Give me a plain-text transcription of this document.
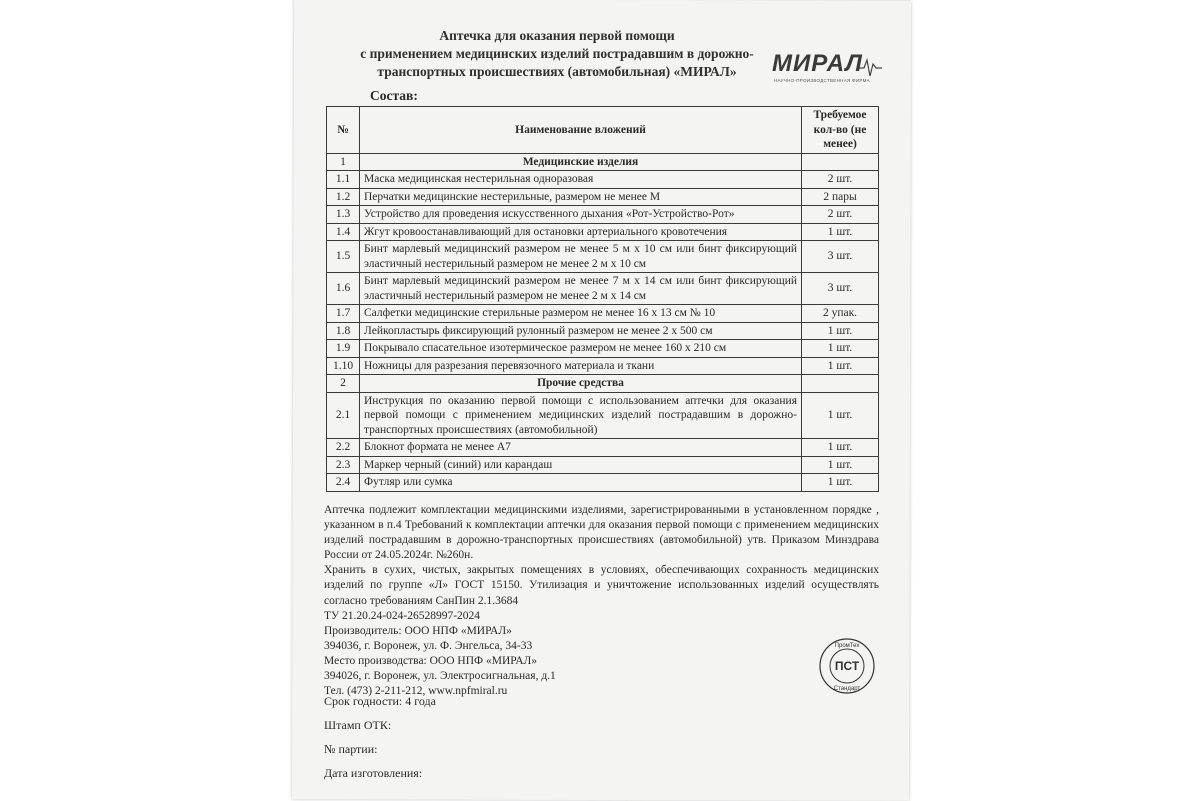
Аптечка для оказания первой помощи
с применением медицинских изделий пострадавшим в дорожно-
транспортных происшествиях (автомобильная) «МИРАЛ»	МИРАЛ
НАУЧНО-ПРОИЗВОДСТВЕННАЯ ФИРМА
Состав:
№	Наименование вложений	Требуемое кол-во (не менее)
1	Медицинские изделия	
1.1	Маска медицинская нестерильная одноразовая	2 шт.
1.2	Перчатки медицинские нестерильные, размером не менее М	2 пары
1.3	Устройство для проведения искусственного дыхания «Рот-Устройство-Рот»	2 шт.
1.4	Жгут кровоостанавливающий для остановки артериального кровотечения	1 шт.
1.5	Бинт марлевый медицинский размером не менее 5 м х 10 см или бинт фиксирующий эластичный нестерильный размером не менее 2 м х 10 см	3 шт.
1.6	Бинт марлевый медицинский размером не менее 7 м х 14 см или бинт фиксирующий эластичный нестерильный размером не менее 2 м х 14 см	3 шт.
1.7	Салфетки медицинские стерильные размером не менее 16 х 13 см № 10	2 упак.
1.8	Лейкопластырь фиксирующий рулонный размером не менее 2 х 500 см	1 шт.
1.9	Покрывало спасательное изотермическое размером не менее 160 х 210 см	1 шт.
1.10	Ножницы для разрезания перевязочного материала и ткани	1 шт.
2	Прочие средства	
2.1	Инструкция по оказанию первой помощи с использованием аптечки для оказания первой помощи с применением медицинских изделий пострадавшим в дорожно-транспортных происшествиях (автомобильной)	1 шт.
2.2	Блокнот формата не менее А7	1 шт.
2.3	Маркер черный (синий) или карандаш	1 шт.
2.4	Футляр или сумка	1 шт.

Аптечка подлежит комплектации медицинскими изделиями, зарегистрированными в установленном порядке , указанном в п.4 Требований к комплектации аптечки для оказания первой помощи с применением медицинских изделий пострадавшим в дорожно-транспортных происшествиях (автомобильной) утв. Приказом Минздрава России от 24.05.2024г. №260н.

Хранить в сухих, чистых, закрытых помещениях в условиях, обеспечивающих сохранность медицинских изделий по группе «Л» ГОСТ 15150. Утилизация и уничтожение использованных изделий осуществлять согласно требованиям СанПин 2.1.3684

ТУ 21.20.24-024-26528997-2024

Производитель: ООО НПФ «МИРАЛ»

394036, г. Воронеж, ул. Ф. Энгельса, 34-33

Место производства: ООО НПФ «МИРАЛ»

394026, г. Воронеж, ул. Электросигнальная, д.1

Тел. (473) 2-211-212, www.npfmiral.ru

Срок годности: 4 года
Штамп ОТК:
№ партии:
Дата изготовления:
ПромТех
ПСТ
Стандарт
